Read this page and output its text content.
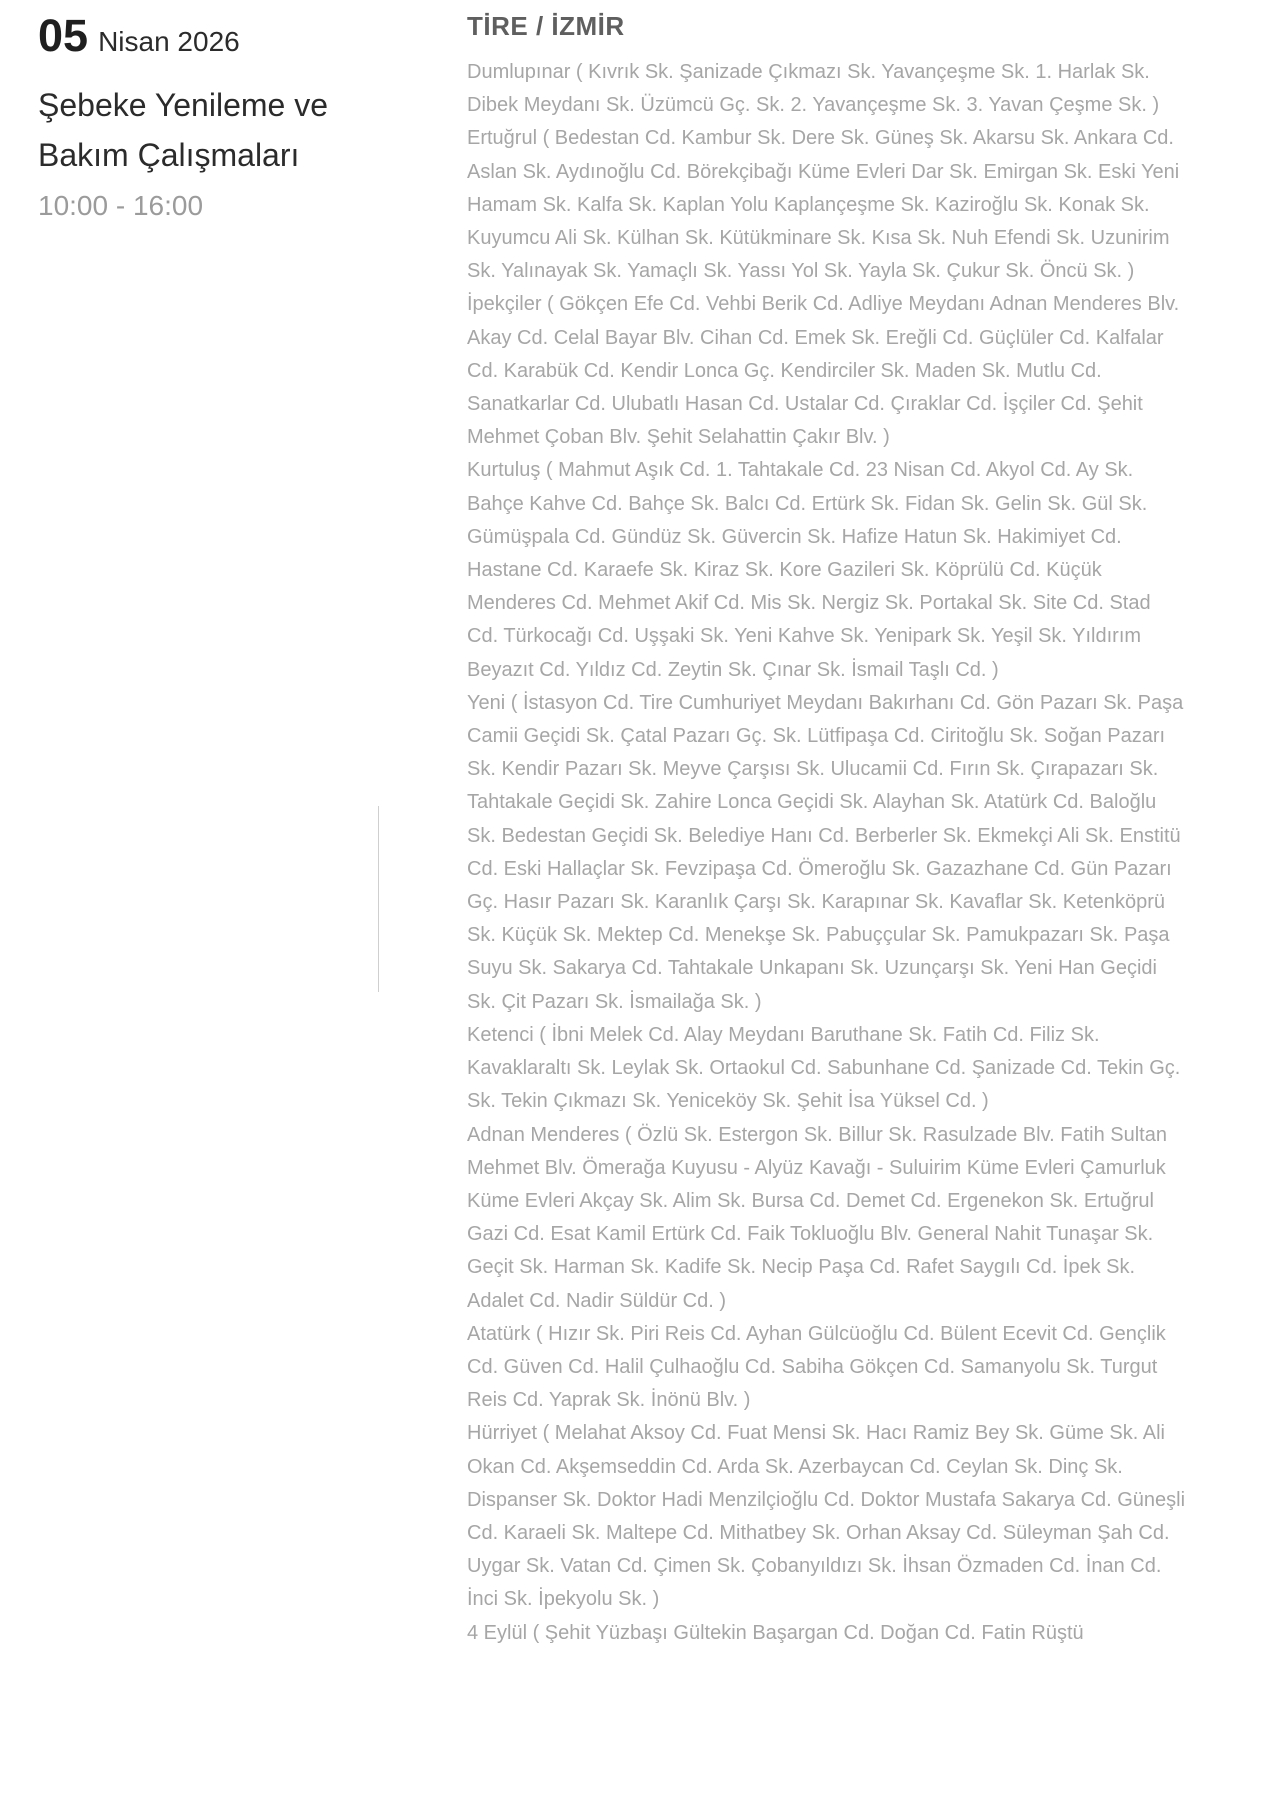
05 Nisan 2026
Şebeke Yenileme ve Bakım Çalışmaları
10:00 - 16:00
TİRE / İZMİR

Dumlupınar ( Kıvrık Sk. Şanizade Çıkmazı Sk. Yavançeşme Sk. 1. Harlak Sk. Dibek Meydanı Sk. Üzümcü Gç. Sk. 2. Yavançeşme Sk. 3. Yavan Çeşme Sk. )

Ertuğrul ( Bedestan Cd. Kambur Sk. Dere Sk. Güneş Sk. Akarsu Sk. Ankara Cd. Aslan Sk. Aydınoğlu Cd. Börekçibağı Küme Evleri Dar Sk. Emirgan Sk. Eski Yeni Hamam Sk. Kalfa Sk. Kaplan Yolu Kaplançeşme Sk. Kaziroğlu Sk. Konak Sk. Kuyumcu Ali Sk. Külhan Sk. Kütükminare Sk. Kısa Sk. Nuh Efendi Sk. Uzunirim Sk. Yalınayak Sk. Yamaçlı Sk. Yassı Yol Sk. Yayla Sk. Çukur Sk. Öncü Sk. )

İpekçiler ( Gökçen Efe Cd. Vehbi Berik Cd. Adliye Meydanı Adnan Menderes Blv. Akay Cd. Celal Bayar Blv. Cihan Cd. Emek Sk. Ereğli Cd. Güçlüler Cd. Kalfalar Cd. Karabük Cd. Kendir Lonca Gç. Kendirciler Sk. Maden Sk. Mutlu Cd. Sanatkarlar Cd. Ulubatlı Hasan Cd. Ustalar Cd. Çıraklar Cd. İşçiler Cd. Şehit Mehmet Çoban Blv. Şehit Selahattin Çakır Blv. )

Kurtuluş ( Mahmut Aşık Cd. 1. Tahtakale Cd. 23 Nisan Cd. Akyol Cd. Ay Sk. Bahçe Kahve Cd. Bahçe Sk. Balcı Cd. Ertürk Sk. Fidan Sk. Gelin Sk. Gül Sk. Gümüşpala Cd. Gündüz Sk. Güvercin Sk. Hafize Hatun Sk. Hakimiyet Cd. Hastane Cd. Karaefe Sk. Kiraz Sk. Kore Gazileri Sk. Köprülü Cd. Küçük Menderes Cd. Mehmet Akif Cd. Mis Sk. Nergiz Sk. Portakal Sk. Site Cd. Stad Cd. Türkocağı Cd. Uşşaki Sk. Yeni Kahve Sk. Yenipark Sk. Yeşil Sk. Yıldırım Beyazıt Cd. Yıldız Cd. Zeytin Sk. Çınar Sk. İsmail Taşlı Cd. )

Yeni ( İstasyon Cd. Tire Cumhuriyet Meydanı Bakırhanı Cd. Gön Pazarı Sk. Paşa Camii Geçidi Sk. Çatal Pazarı Gç. Sk. Lütfipaşa Cd. Ciritoğlu Sk. Soğan Pazarı Sk. Kendir Pazarı Sk. Meyve Çarşısı Sk. Ulucamii Cd. Fırın Sk. Çırapazarı Sk. Tahtakale Geçidi Sk. Zahire Lonca Geçidi Sk. Alayhan Sk. Atatürk Cd. Baloğlu Sk. Bedestan Geçidi Sk. Belediye Hanı Cd. Berberler Sk. Ekmekçi Ali Sk. Enstitü Cd. Eski Hallaçlar Sk. Fevzipaşa Cd. Ömeroğlu Sk. Gazazhane Cd. Gün Pazarı Gç. Hasır Pazarı Sk. Karanlık Çarşı Sk. Karapınar Sk. Kavaflar Sk. Ketenköprü Sk. Küçük Sk. Mektep Cd. Menekşe Sk. Pabuççular Sk. Pamukpazarı Sk. Paşa Suyu Sk. Sakarya Cd. Tahtakale Unkapanı Sk. Uzunçarşı Sk. Yeni Han Geçidi Sk. Çit Pazarı Sk. İsmailağa Sk. )

Ketenci ( İbni Melek Cd. Alay Meydanı Baruthane Sk. Fatih Cd. Filiz Sk. Kavaklaraltı Sk. Leylak Sk. Ortaokul Cd. Sabunhane Cd. Şanizade Cd. Tekin Gç. Sk. Tekin Çıkmazı Sk. Yeniceköy Sk. Şehit İsa Yüksel Cd. )

Adnan Menderes ( Özlü Sk. Estergon Sk. Billur Sk. Rasulzade Blv. Fatih Sultan Mehmet Blv. Ömerağa Kuyusu - Alyüz Kavağı - Suluirim Küme Evleri Çamurluk Küme Evleri Akçay Sk. Alim Sk. Bursa Cd. Demet Cd. Ergenekon Sk. Ertuğrul Gazi Cd. Esat Kamil Ertürk Cd. Faik Tokluoğlu Blv. General Nahit Tunaşar Sk. Geçit Sk. Harman Sk. Kadife Sk. Necip Paşa Cd. Rafet Saygılı Cd. İpek Sk. Adalet Cd. Nadir Süldür Cd. )

Atatürk ( Hızır Sk. Piri Reis Cd. Ayhan Gülcüoğlu Cd. Bülent Ecevit Cd. Gençlik Cd. Güven Cd. Halil Çulhaoğlu Cd. Sabiha Gökçen Cd. Samanyolu Sk. Turgut Reis Cd. Yaprak Sk. İnönü Blv. )

Hürriyet ( Melahat Aksoy Cd. Fuat Mensi Sk. Hacı Ramiz Bey Sk. Güme Sk. Ali Okan Cd. Akşemseddin Cd. Arda Sk. Azerbaycan Cd. Ceylan Sk. Dinç Sk. Dispanser Sk. Doktor Hadi Menzilçioğlu Cd. Doktor Mustafa Sakarya Cd. Güneşli Cd. Karaeli Sk. Maltepe Cd. Mithatbey Sk. Orhan Aksay Cd. Süleyman Şah Cd. Uygar Sk. Vatan Cd. Çimen Sk. Çobanyıldızı Sk. İhsan Özmaden Cd. İnan Cd. İnci Sk. İpekyolu Sk. )

4 Eylül ( Şehit Yüzbaşı Gültekin Başargan Cd. Doğan Cd. Fatin Rüştü
